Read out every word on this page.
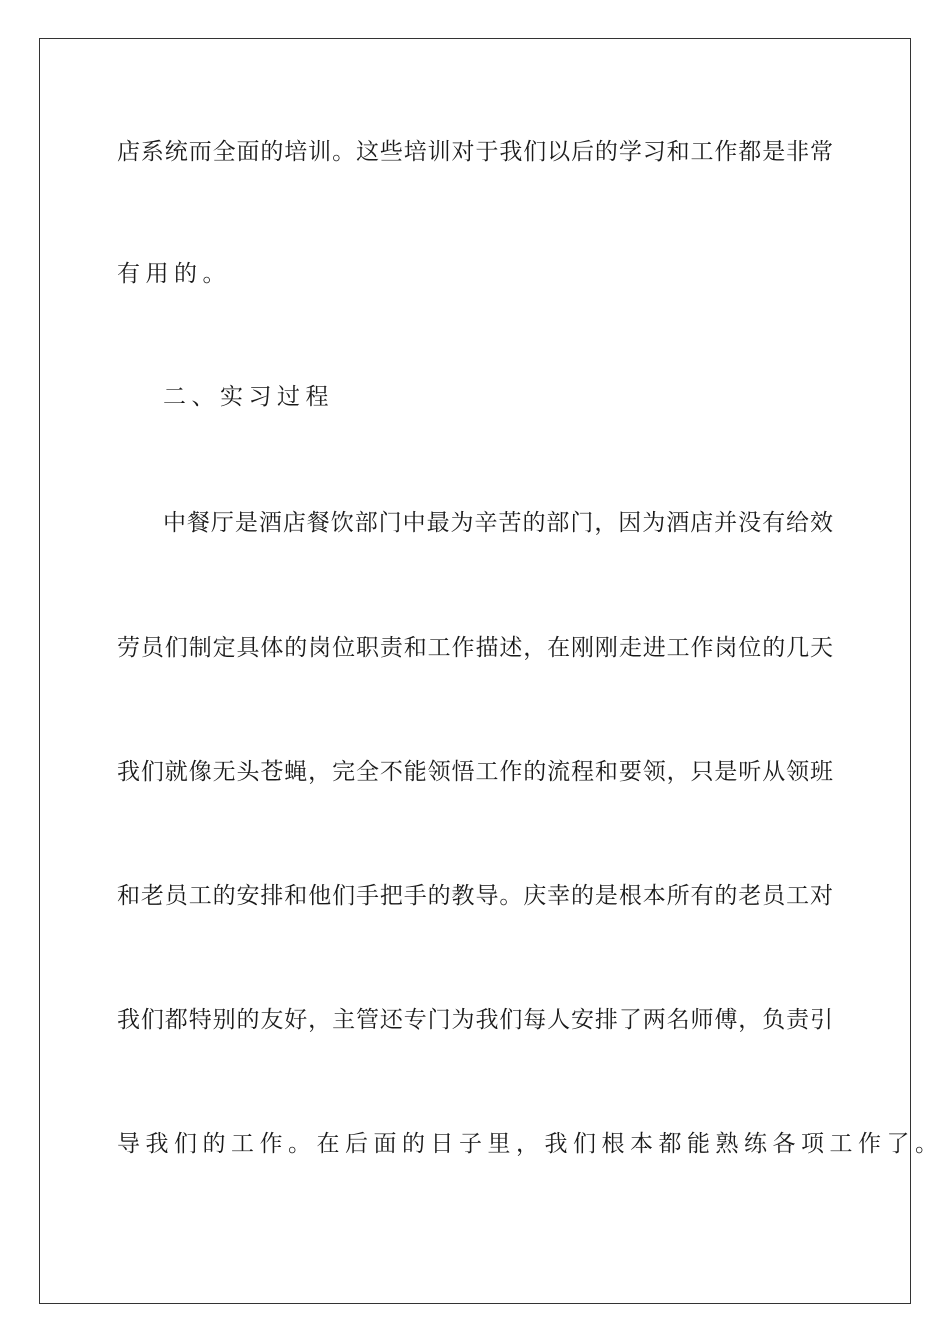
店系统而全面的培训。这些培训对于我们以后的学习和工作都是非常

有用的。

二、实习过程

中餐厅是酒店餐饮部门中最为辛苦的部门，因为酒店并没有给效

劳员们制定具体的岗位职责和工作描述，在刚刚走进工作岗位的几天

我们就像无头苍蝇，完全不能领悟工作的流程和要领，只是听从领班

和老员工的安排和他们手把手的教导。庆幸的是根本所有的老员工对

我们都特别的友好，主管还专门为我们每人安排了两名师傅，负责引

导我们的工作。在后面的日子里，我们根本都能熟练各项工作了。
